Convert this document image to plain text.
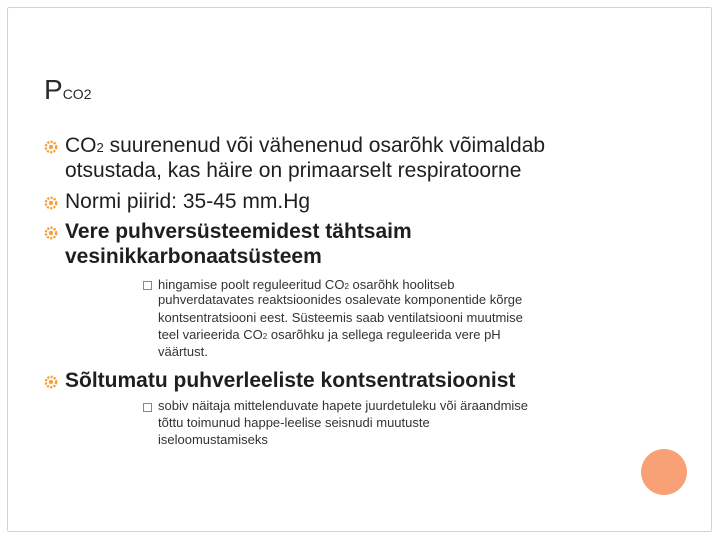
PCO2
CO2 suurenenud või vähenenud osarõhk võimaldab
otsustada, kas häire on primaarselt respiratoorne
Normi piirid: 35-45 mm.Hg
Vere puhversüsteemidest tähtsaim
vesinikkarbonaatsüsteem
hingamise poolt reguleeritud CO2 osarõhk hoolitseb
puhverdatavates reaktsioonides osalevate komponentide kõrge
kontsentratsiooni eest. Süsteemis saab ventilatsiooni muutmise
teel varieerida CO2 osarõhku ja sellega reguleerida vere pH
väärtust.
Sõltumatu puhverleeliste kontsentratsioonist
sobiv näitaja mittelenduvate hapete juurdetuleku või äraandmise
tõttu toimunud happe-leelise seisnudi muutuste
iseloomustamiseks
